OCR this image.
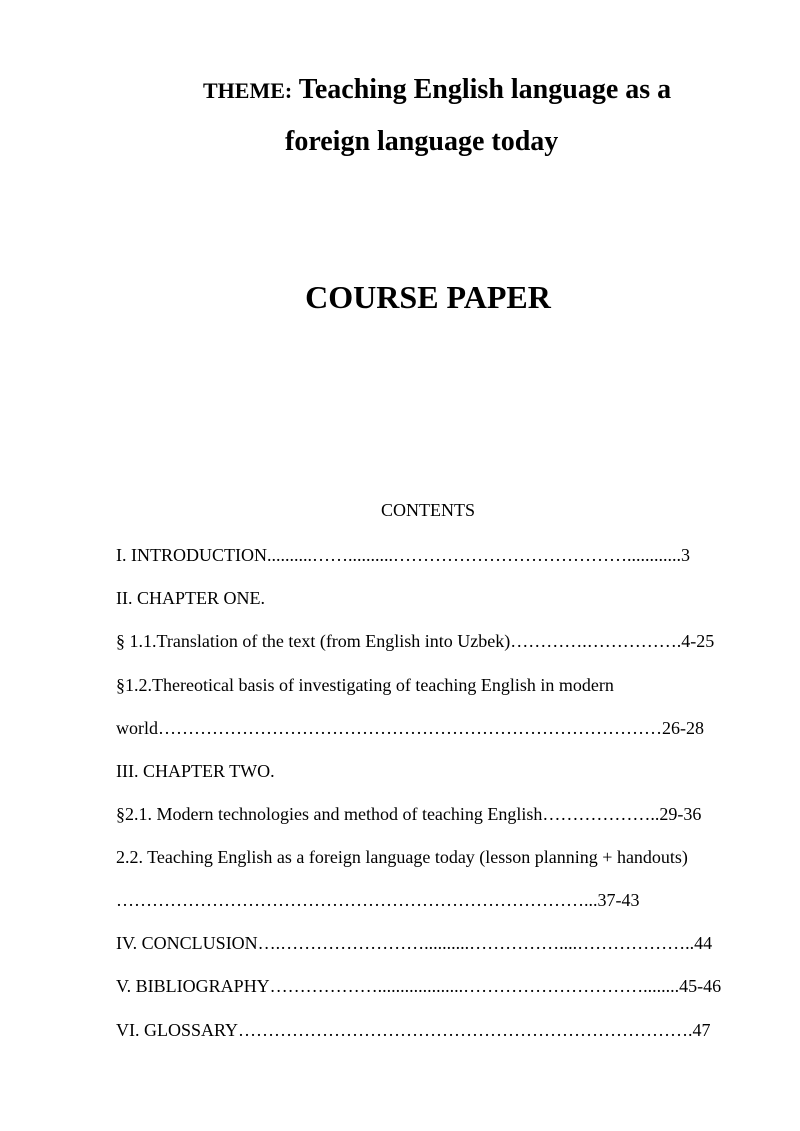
THEME: Teaching English language as a
foreign language today
COURSE PAPER
CONTENTS
I. INTRODUCTION..........……..........…………………………………............3
II. CHAPTER ONE.
§ 1.1.Translation of the text (from English into Uzbek)………….…………….4-25
§1.2.Thereotical basis of investigating of teaching English in modern
world…………………………………………………………………………26-28
III. CHAPTER TWO.
§2.1. Modern technologies and method of teaching English………………..29-36
2.2. Teaching English as a foreign language today (lesson planning + handouts)
……………………………………………………………………...37-43
IV. CONCLUSION….……………………..........……………....………………..44
V. BIBLIOGRAPHY………………...................…………………………........45-46
VI. GLOSSARY………………………………………………………………….47
